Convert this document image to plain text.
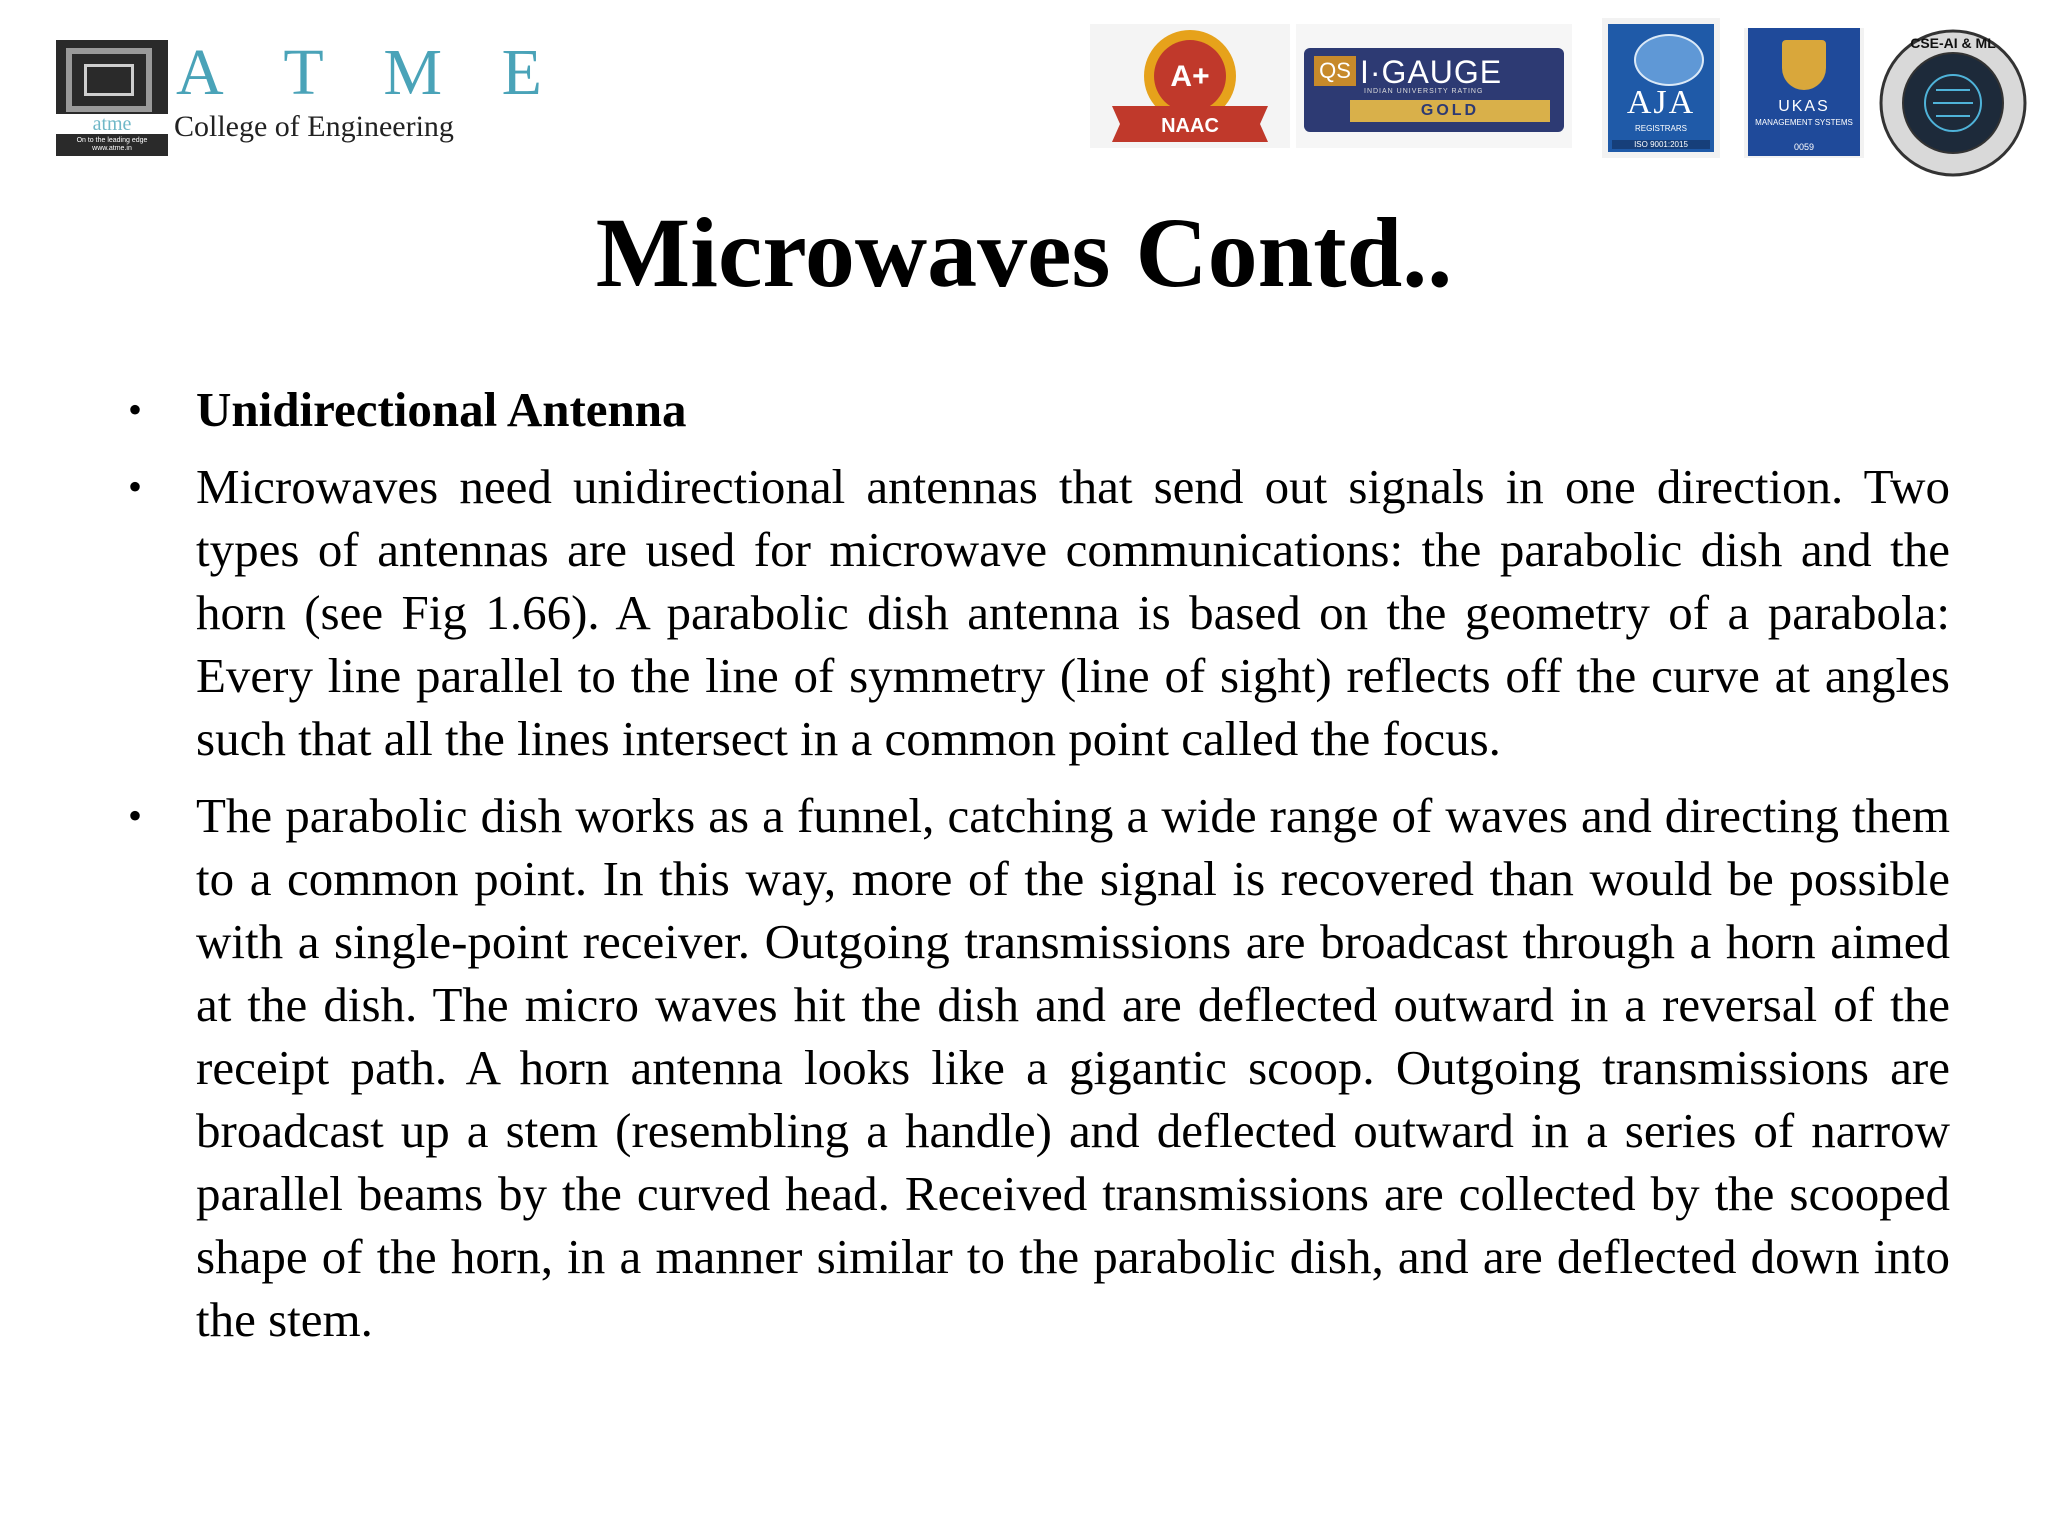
atme
On to the leading edge
www.atme.in
A T M E
College of Engineering
A+
NAAC
QS I·GAUGE
INDIAN UNIVERSITY RATING
GOLD	AJA
REGISTRARS
ISO 9001:2015
UKAS
MANAGEMENT SYSTEMS
0059
CSE-AI & ML
Microwaves Contd..
• Unidirectional Antenna
• Microwaves need unidirectional antennas that send out signals in one direction. Two types of antennas are used for microwave communications: the parabolic dish and the horn (see Fig 1.66). A parabolic dish antenna is based on the geometry of a parabola: Every line parallel to the line of symmetry (line of sight) reflects off the curve at angles such that all the lines intersect in a common point called the focus.
• The parabolic dish works as a funnel, catching a wide range of waves and directing them to a common point. In this way, more of the signal is recovered than would be possible with a single-point receiver. Outgoing transmissions are broadcast through a horn aimed at the dish. The micro waves hit the dish and are deflected outward in a reversal of the receipt path. A horn antenna looks like a gigantic scoop. Outgoing transmissions are broadcast up a stem (resembling a handle) and deflected outward in a series of narrow parallel beams by the curved head. Received transmissions are collected by the scooped shape of the horn, in a manner similar to the parabolic dish, and are deflected down into the stem.
